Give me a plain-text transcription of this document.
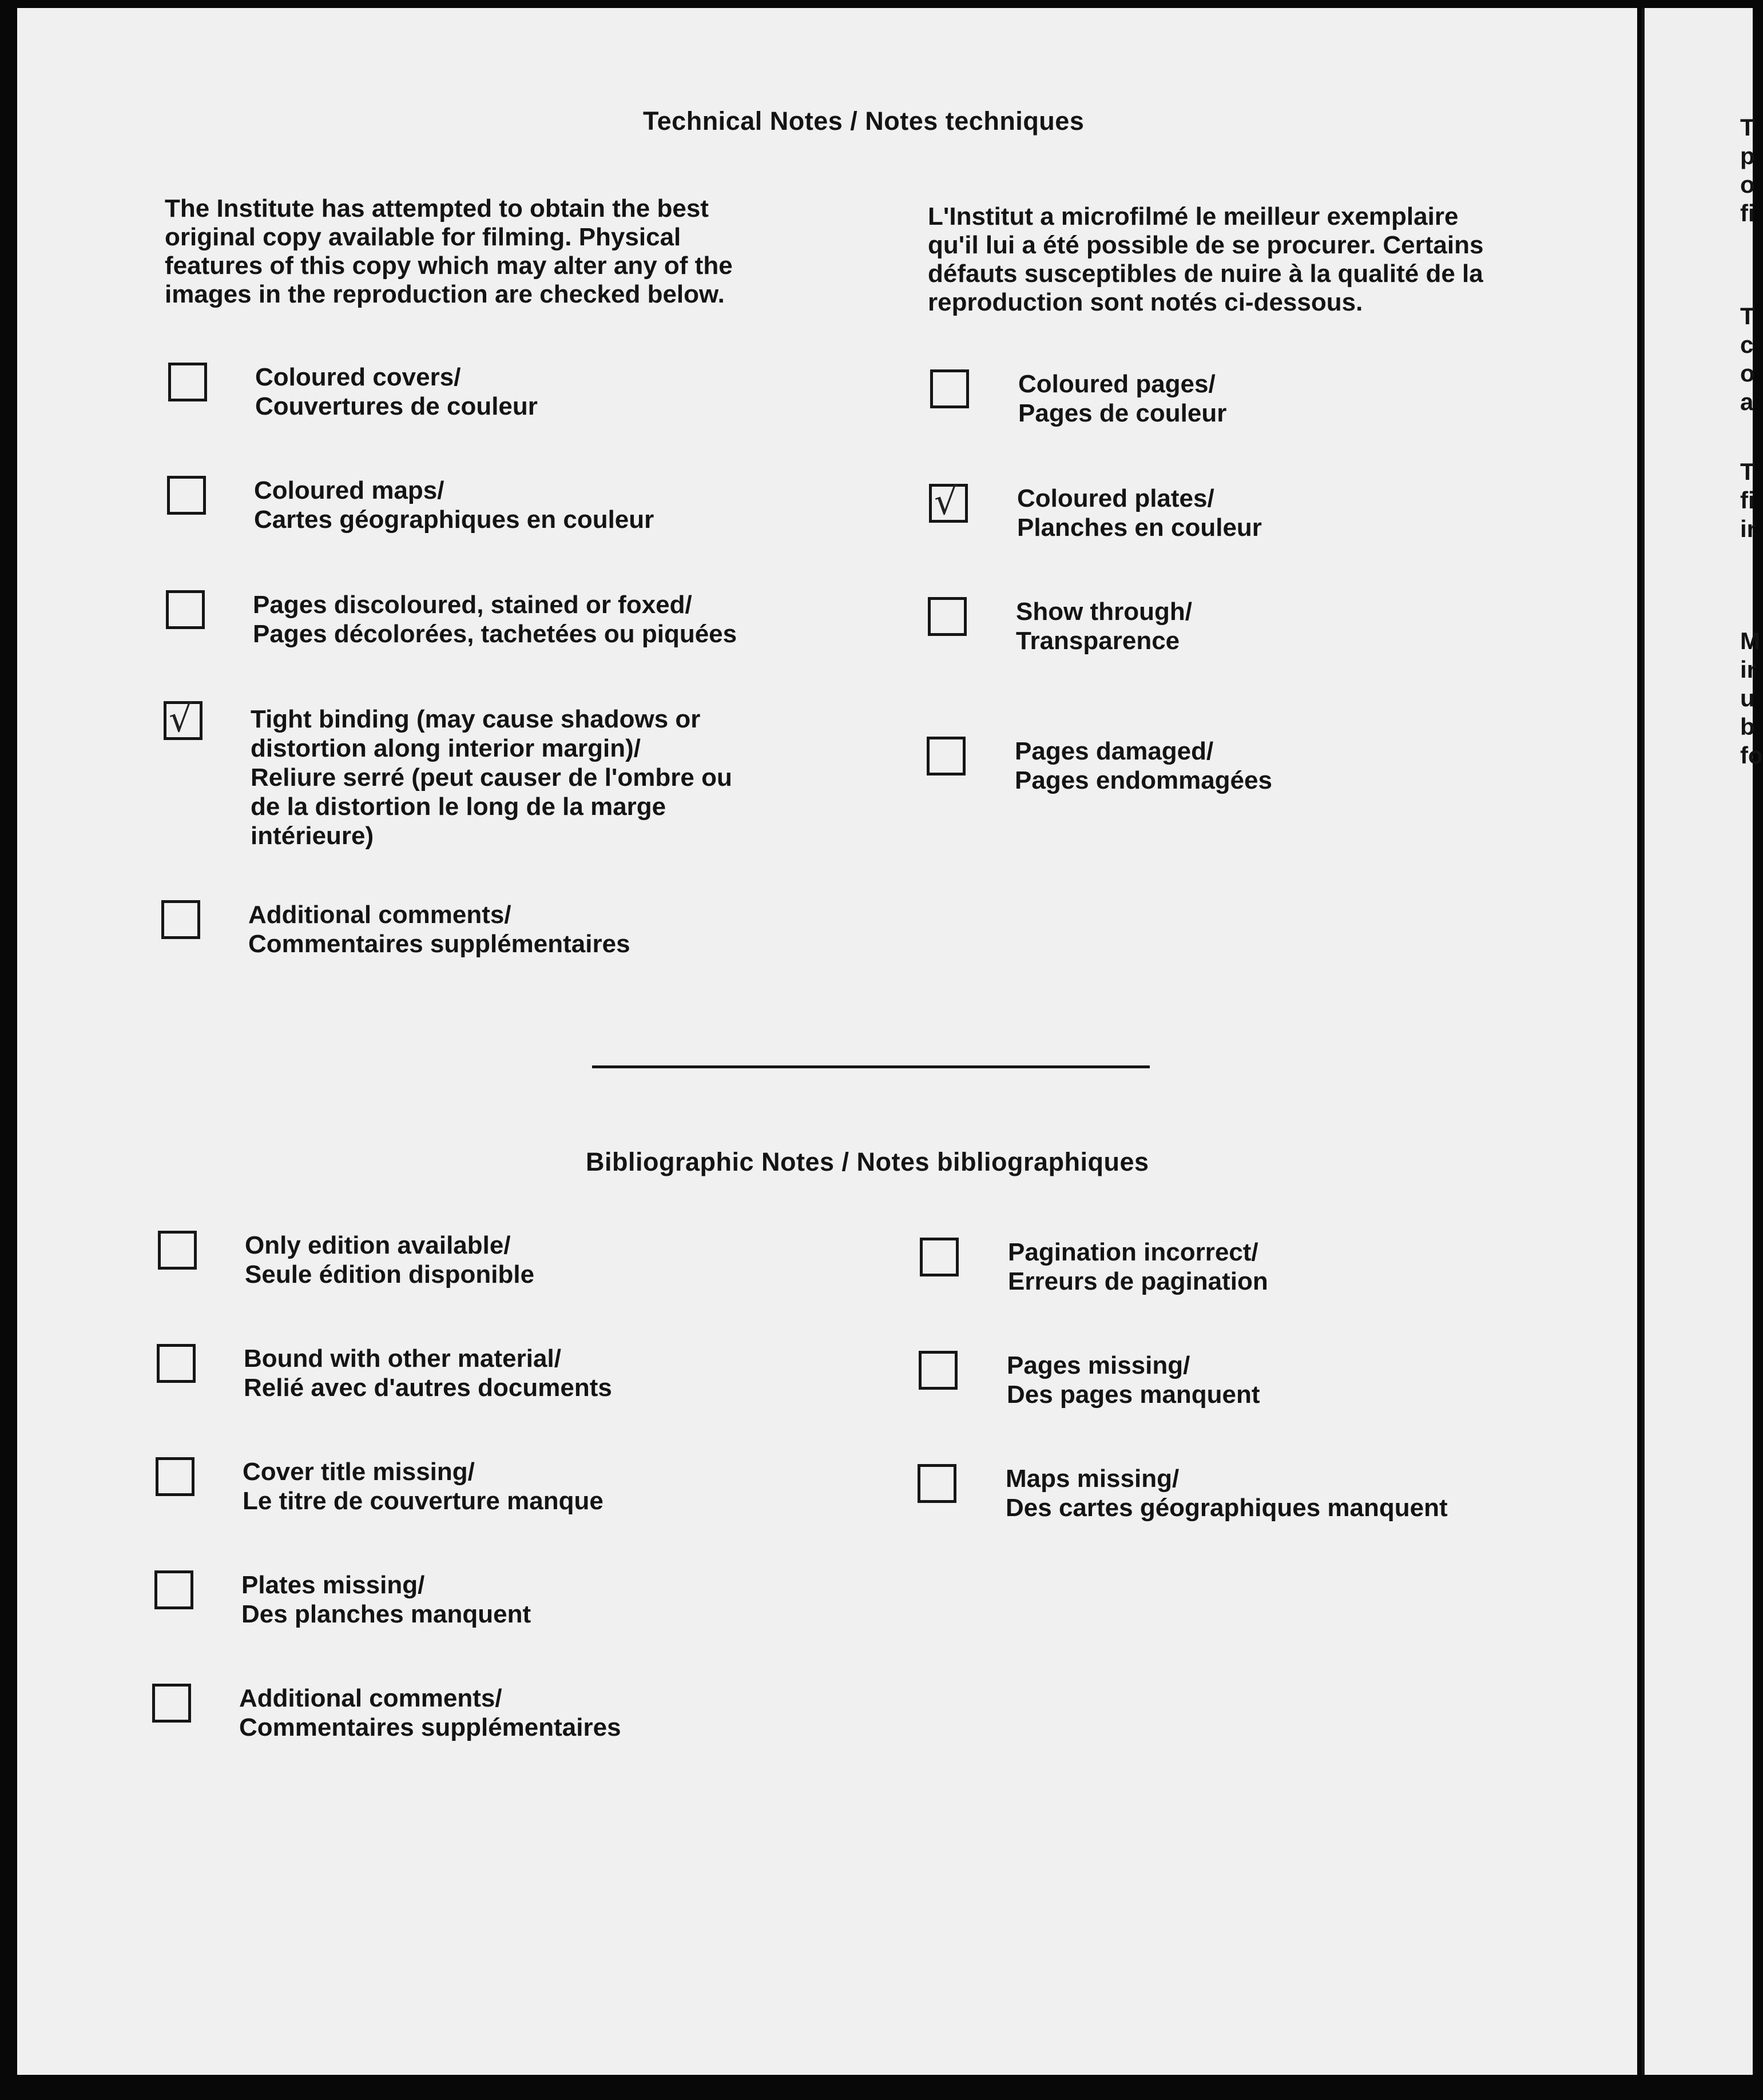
Technical Notes / Notes techniques
The Institute has attempted to obtain the best
original copy available for filming. Physical
features of this copy which may alter any of the
images in the reproduction are checked below.
L'Institut a microfilmé le meilleur exemplaire
qu'il lui a été possible de se procurer. Certains
défauts susceptibles de nuire à la qualité de la
reproduction sont notés ci-dessous.
Coloured covers/
Couvertures de couleur
Coloured maps/
Cartes géographiques en couleur
Pages discoloured, stained or foxed/
Pages décolorées, tachetées ou piquées
√ Tight binding (may cause shadows or
distortion along interior margin)/
Reliure serré (peut causer de l'ombre ou
de la distortion le long de la marge
intérieure)
Additional comments/
Commentaires supplémentaires
Coloured pages/
Pages de couleur
√ Coloured plates/
Planches en couleur
Show through/
Transparence
Pages damaged/
Pages endommagées
Bibliographic Notes / Notes bibliographiques
Only edition available/
Seule édition disponible
Bound with other material/
Relié avec d'autres documents
Cover title missing/
Le titre de couverture manque
Plates missing/
Des planches manquent
Additional comments/
Commentaires supplémentaires
Pagination incorrect/
Erreurs de pagination
Pages missing/
Des pages manquent
Maps missing/
Des cartes géographiques manquent
T
p
o
fi
T
c
o
a
T
fi
ir
M
ir
u
b
fo
